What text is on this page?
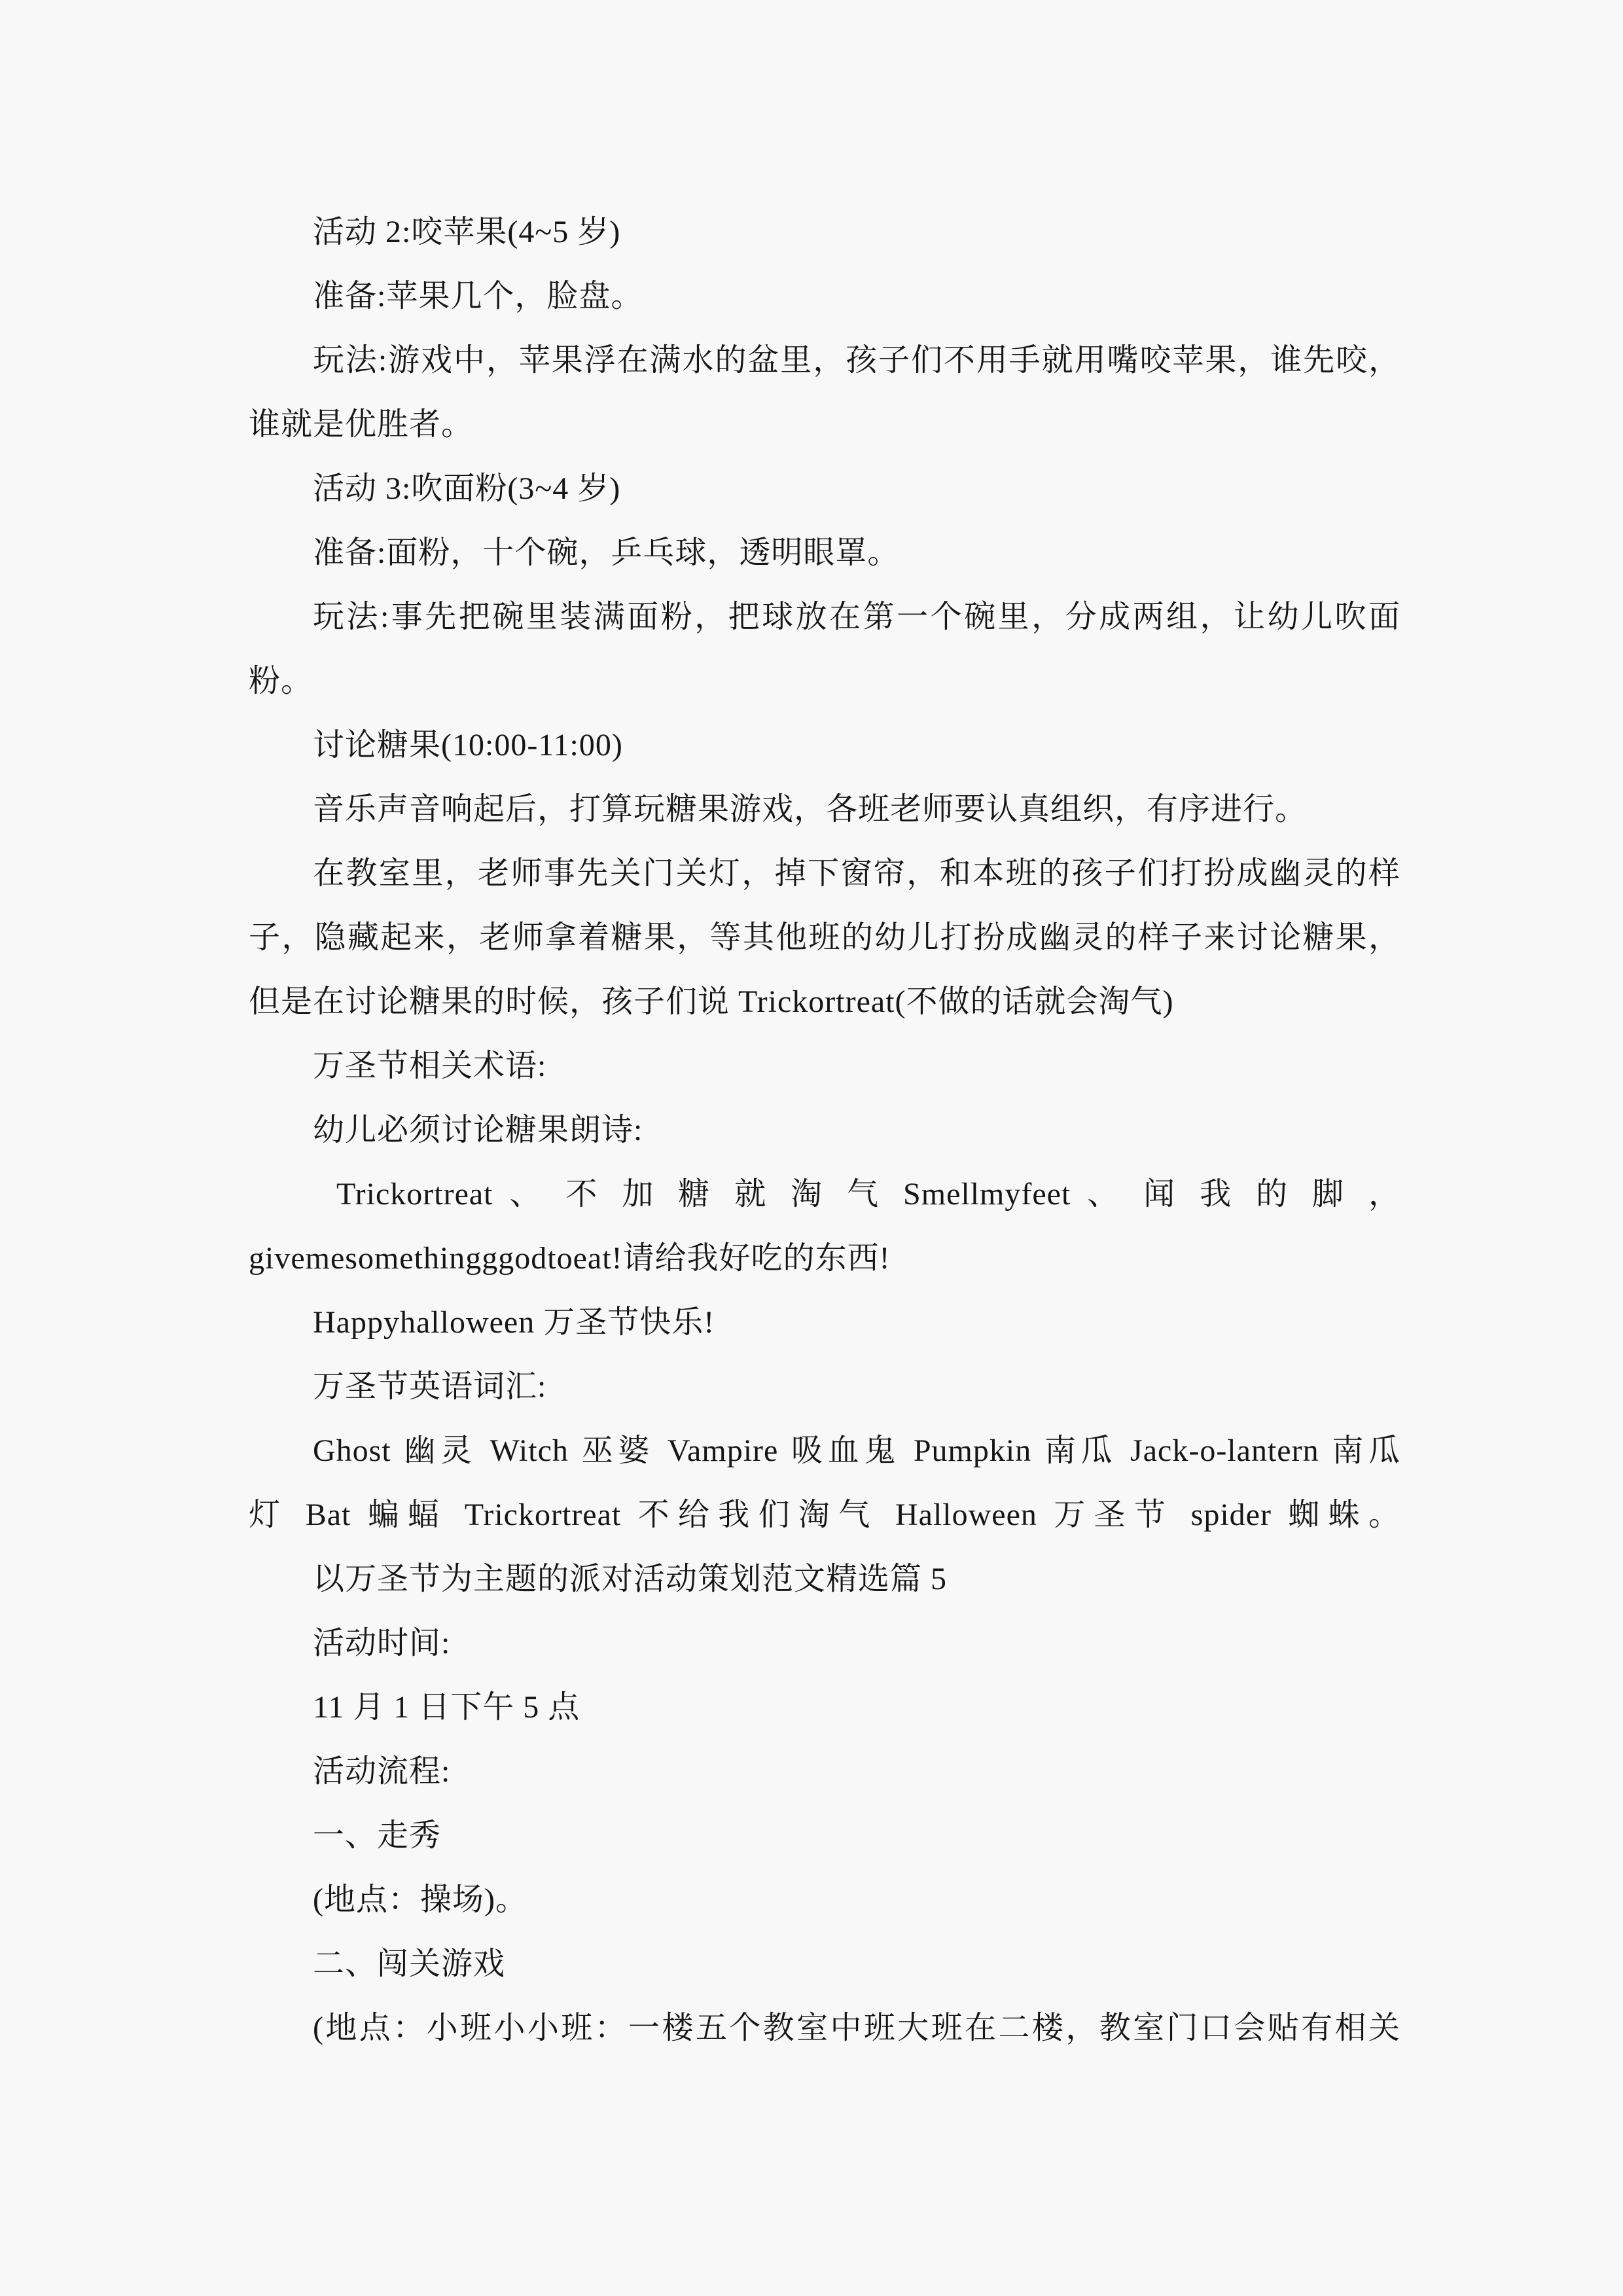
活动 2:咬苹果(4~5 岁)
准备:苹果几个，脸盘。
玩法:游戏中，苹果浮在满水的盆里，孩子们不用手就用嘴咬苹果，谁先咬，
谁就是优胜者。
活动 3:吹面粉(3~4 岁)
准备:面粉，十个碗，乒乓球，透明眼罩。
玩法:事先把碗里装满面粉，把球放在第一个碗里，分成两组，让幼儿吹面
粉。
讨论糖果(10:00-11:00)
音乐声音响起后，打算玩糖果游戏，各班老师要认真组织，有序进行。
在教室里，老师事先关门关灯，掉下窗帘，和本班的孩子们打扮成幽灵的样
子，隐藏起来，老师拿着糖果，等其他班的幼儿打扮成幽灵的样子来讨论糖果，
但是在讨论糖果的时候，孩子们说 Trickortreat(不做的话就会淘气)
万圣节相关术语:
幼儿必须讨论糖果朗诗:
Trickortreat 、 不 加 糖 就 淘 气 Smellmyfeet 、 闻 我 的 脚 ，
givemesomethingggodtoeat!请给我好吃的东西!
Happyhalloween 万圣节快乐!
万圣节英语词汇:
Ghost 幽灵 Witch 巫婆 Vampire 吸血鬼 Pumpkin 南瓜 Jack-o-lantern 南瓜
灯 Bat 蝙蝠 Trickortreat 不给我们淘气 Halloween 万圣节 spider 蜘蛛。
以万圣节为主题的派对活动策划范文精选篇 5
活动时间:
11 月 1 日下午 5 点
活动流程:
一、走秀
(地点：操场)。
二、闯关游戏
(地点：小班小小班：一楼五个教室中班大班在二楼，教室门口会贴有相关
